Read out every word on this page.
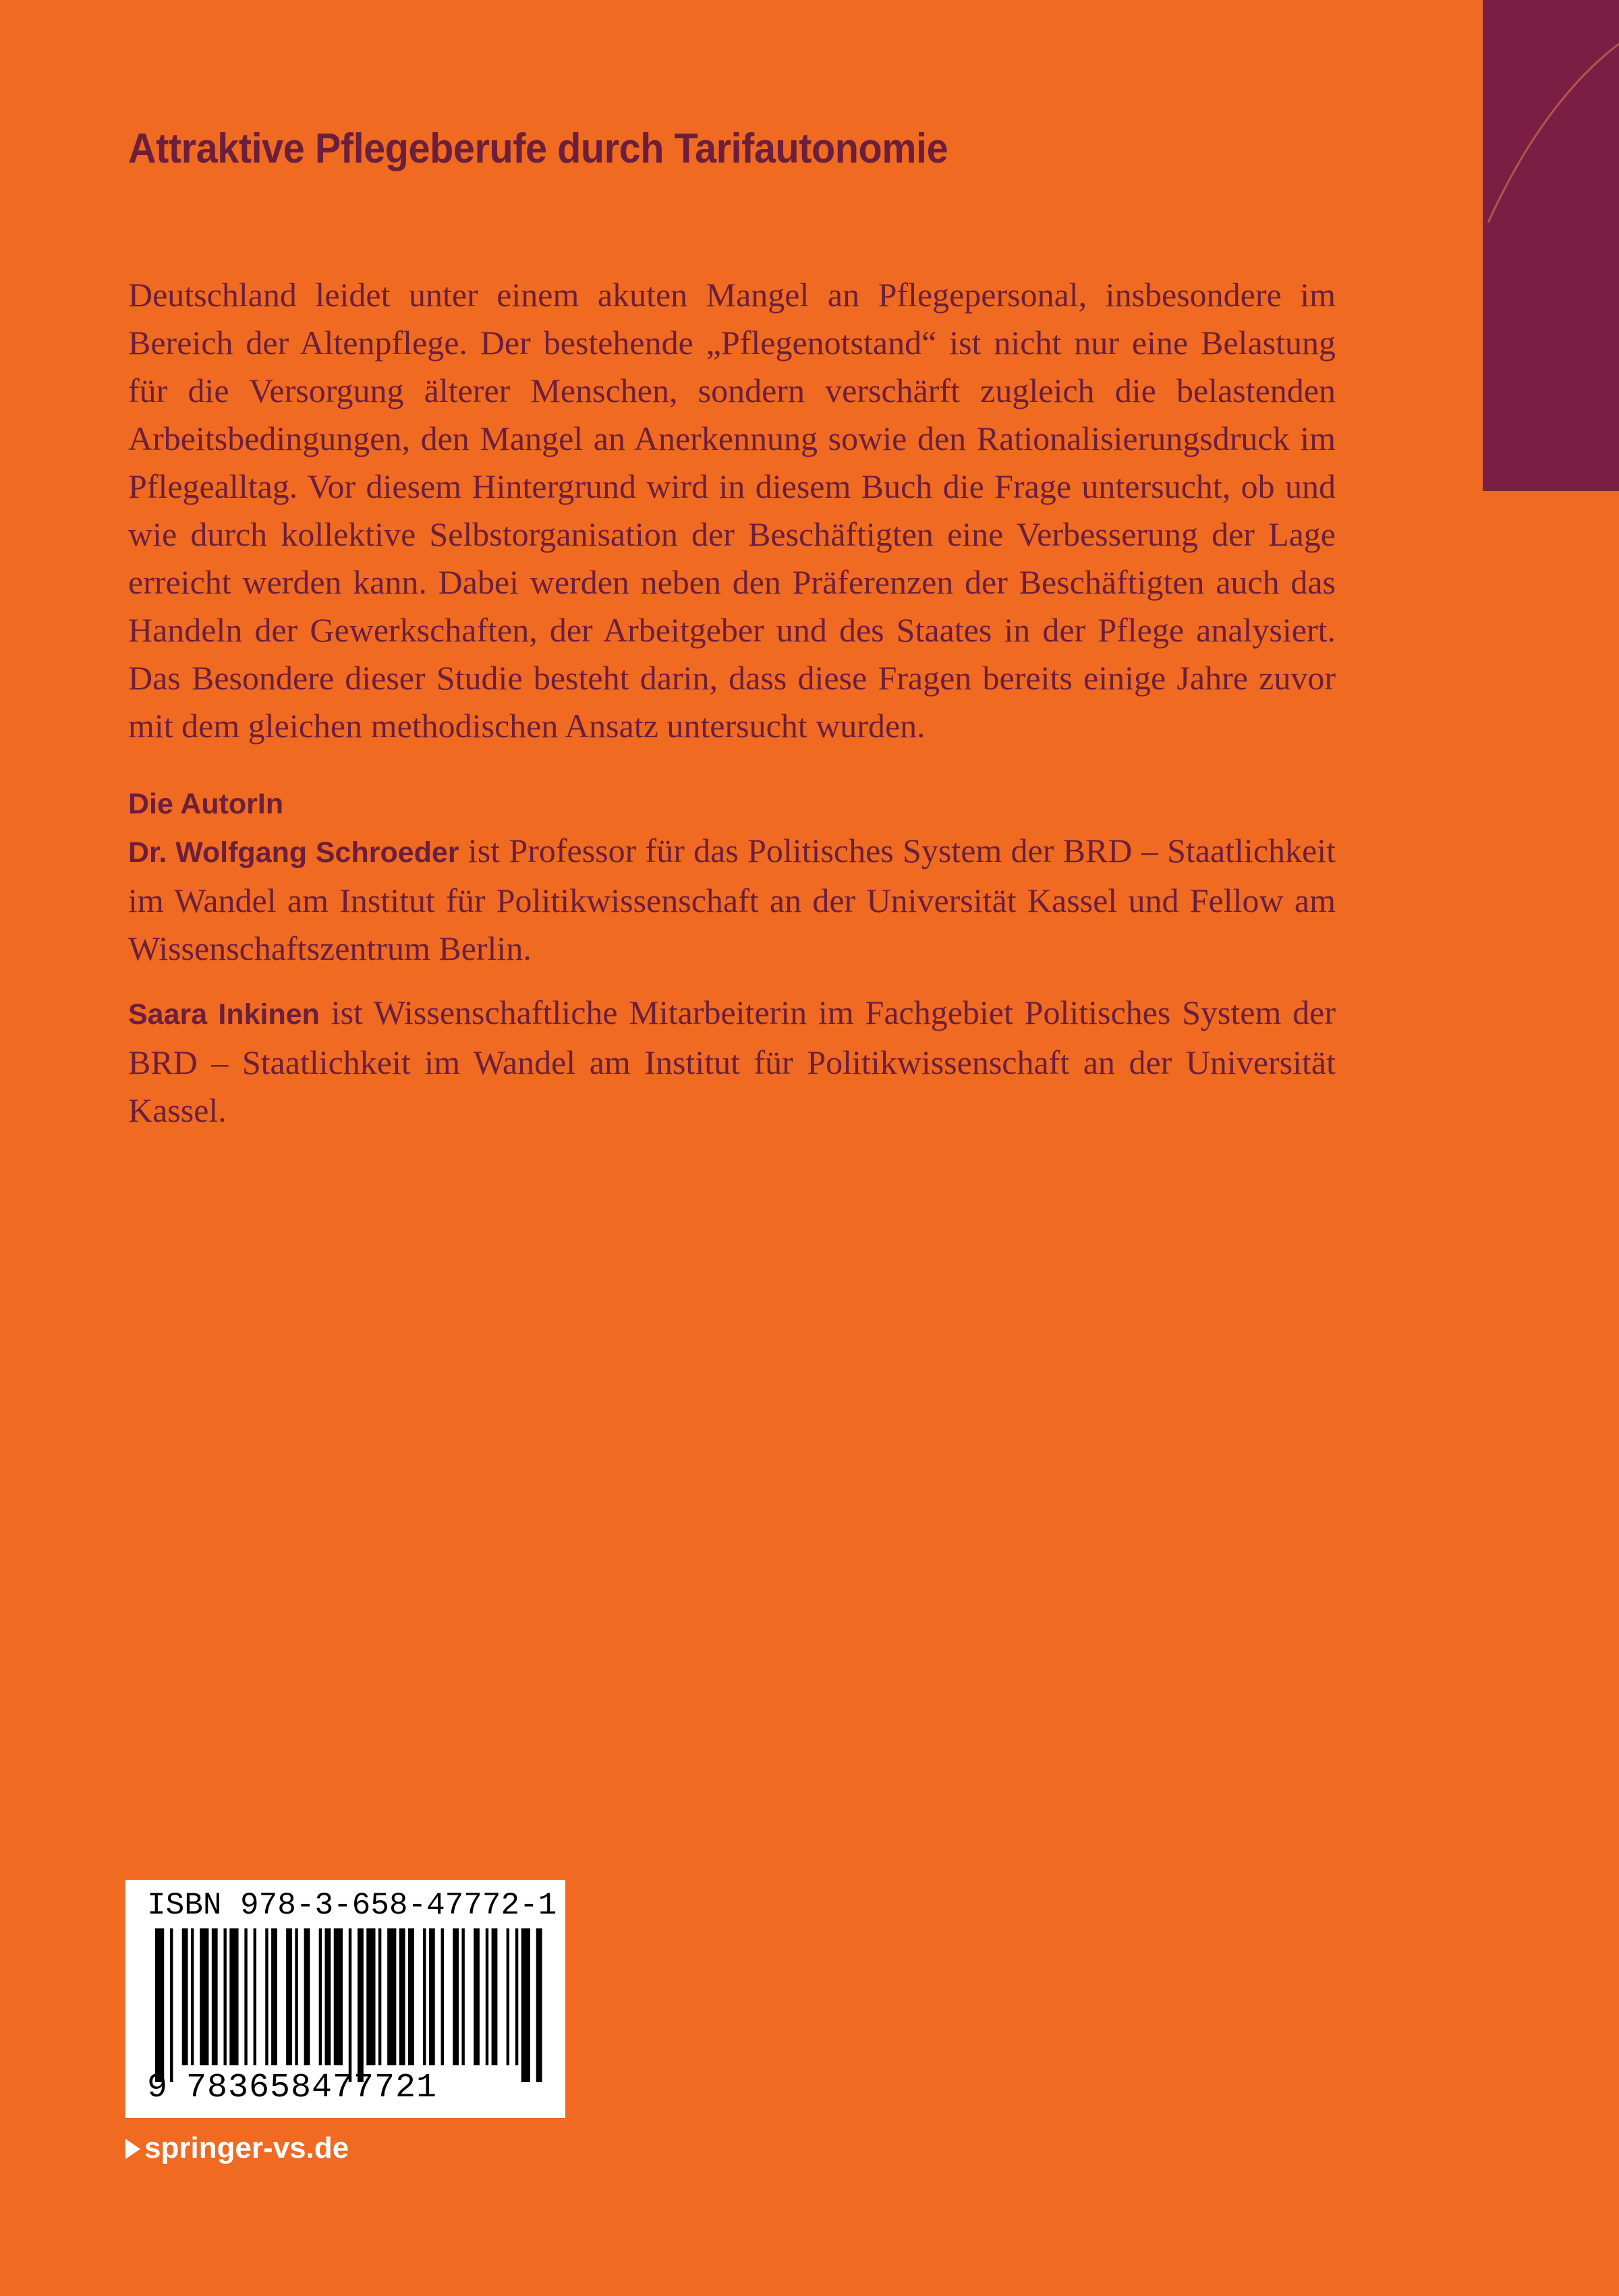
Attraktive Pflegeberufe durch Tarifautonomie

Deutschland leidet unter einem akuten Mangel an Pflegepersonal, insbesondere im Bereich der Altenpflege. Der bestehende „Pflegenotstand“ ist nicht nur eine Belastung für die Versorgung älterer Menschen, sondern verschärft zugleich die belastenden Arbeitsbedingungen, den Mangel an Anerkennung sowie den Rationalisierungsdruck im Pflegealltag. Vor diesem Hintergrund wird in diesem Buch die Frage untersucht, ob und wie durch kollektive Selbstorganisation der Beschäftigten eine Verbesserung der Lage erreicht werden kann. Dabei werden neben den Präferenzen der Beschäftigten auch das Handeln der Gewerkschaften, der Arbeitgeber und des Staates in der Pflege analysiert. Das Besondere dieser Studie besteht darin, dass diese Fragen bereits einige Jahre zuvor mit dem gleichen methodischen Ansatz untersucht wurden.

Die AutorIn

Dr. Wolfgang Schroeder ist Professor für das Politisches System der BRD – Staatlichkeit im Wandel am Institut für Politikwissenschaft an der Universität Kassel und Fellow am Wissenschaftszentrum Berlin.

Saara Inkinen ist Wissenschaftliche Mitarbeiterin im Fachgebiet Politisches System der BRD – Staatlichkeit im Wandel am Institut für Politikwissenschaft an der Universität Kassel.

ISBN 978-3-658-47772-1
9 783658477721
springer-vs.de
